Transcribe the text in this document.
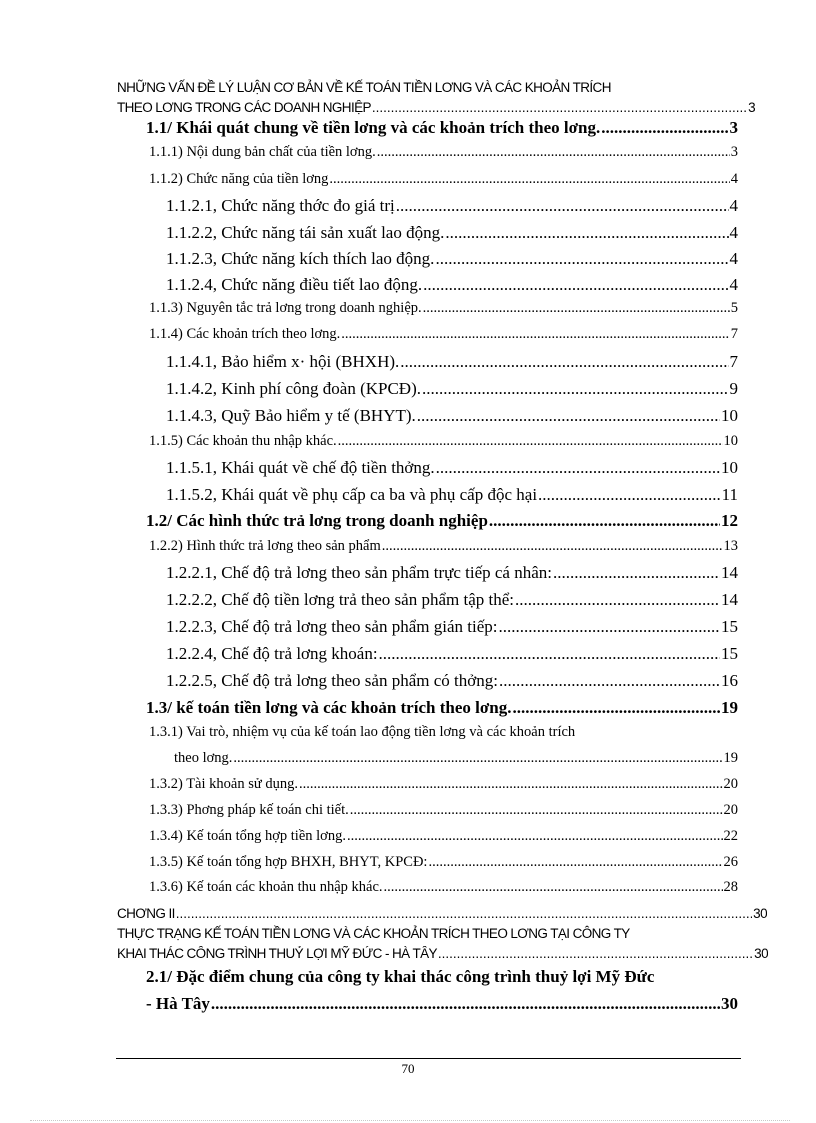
NHỮNG VẤN ĐỀ LÝ LUẬN CƠ BẢN VỀ KẾ TOÁN TIỀN LƠNG VÀ CÁC KHOẢN TRÍCH
THEO LƠNG TRONG CÁC DOANH NGHIỆP .....	3
1.1/ Khái quát chung về tiền lơng và các khoản trích theo lơng. .....	3
1.1.1) Nội dung bản chất của tiền lơng. .....	3
1.1.2) Chức năng của tiền lơng .....	4
1.1.2.1, Chức năng thớc đo giá trị .....	4
1.1.2.2, Chức năng tái sản xuất lao động. .....	4
1.1.2.3, Chức năng kích thích lao động. .....	4
1.1.2.4, Chức năng điều tiết lao động. .....	4
1.1.3) Nguyên tắc trả lơng trong doanh nghiệp. .....	5
1.1.4) Các khoản trích theo lơng. .....	7
1.1.4.1, Bảo hiểm x· hội (BHXH). .....	7
1.1.4.2, Kinh phí công đoàn (KPCĐ). .....	9
1.1.4.3, Quỹ Bảo hiểm y tế (BHYT). .....	10
1.1.5) Các khoản thu nhập khác. .....	10
1.1.5.1, Khái quát về chế độ tiền thởng. .....	10
1.1.5.2, Khái quát về phụ cấp ca ba và phụ cấp độc hại .....	11
1.2/ Các hình thức trả lơng trong doanh nghiệp .....	12
1.2.2) Hình thức trả lơng theo sản phẩm .....	13
1.2.2.1, Chế độ trả lơng theo sản phẩm trực tiếp cá nhân: .....	14
1.2.2.2, Chế độ tiền lơng trả theo sản phẩm tập thể: .....	14
1.2.2.3, Chế độ trả lơng theo sản phẩm gián tiếp: .....	15
1.2.2.4, Chế độ trả lơng khoán: .....	15
1.2.2.5, Chế độ trả lơng theo sản phẩm có thởng: .....	16
1.3/ kế toán tiền lơng và các khoản trích theo lơng. .....	19
1.3.1) Vai trò, nhiệm vụ của kế toán lao động tiền lơng và các khoản trích
theo lơng. .....	19
1.3.2) Tài khoản sử dụng. .....	20
1.3.3) Phơng pháp kế toán chi tiết. .....	20
1.3.4) Kế toán tổng hợp tiền lơng. .....	22
1.3.5) Kế toán tổng hợp BHXH, BHYT, KPCĐ: .....	26
1.3.6) Kế toán các khoản thu nhập khác. .....	28
CHƠNG II .....	30
THỰC TRẠNG KẾ TOÁN TIỀN LƠNG VÀ CÁC KHOẢN TRÍCH THEO LƠNG TẠI CÔNG TY
KHAI THÁC CÔNG TRÌNH THUỶ LỢI MỸ ĐỨC - HÀ TÂY .....	30
2.1/ Đặc điểm chung của công ty khai thác công trình thuỷ lợi Mỹ Đức
- Hà Tây .....	30
70
